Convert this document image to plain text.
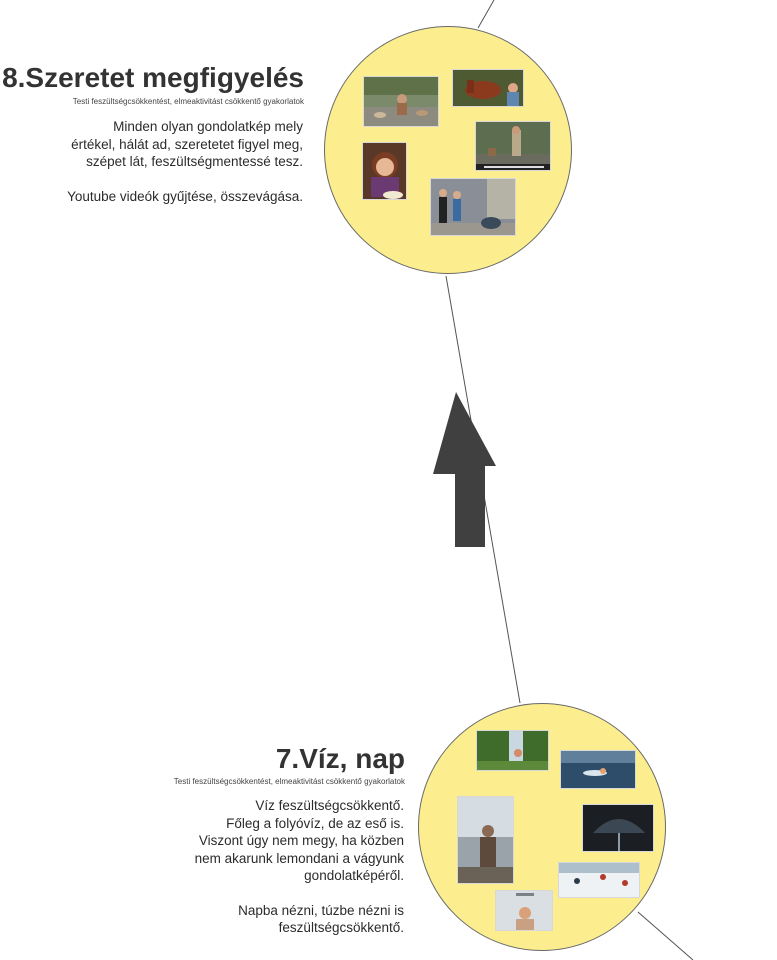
8.Szeretet megfigyelés
Testi feszültségcsökkentést, elmeaktivitást csökkentő gyakorlatok
Minden olyan gondolatkép mely
értékel, hálát ad, szeretetet figyel meg,
szépet lát, feszültségmentessé tesz.
Youtube videók gyűjtése, összevágása.
7.Víz, nap
Testi feszültségcsökkentést, elmeaktivitást csökkentő gyakorlatok
Víz feszültségcsökkentő.
Főleg a folyóvíz, de az eső is.
Viszont úgy nem megy, ha közben
nem akarunk lemondani a vágyunk
gondolatképéről.
Napba nézni, túzbe nézni is
feszültségcsökkentő.
